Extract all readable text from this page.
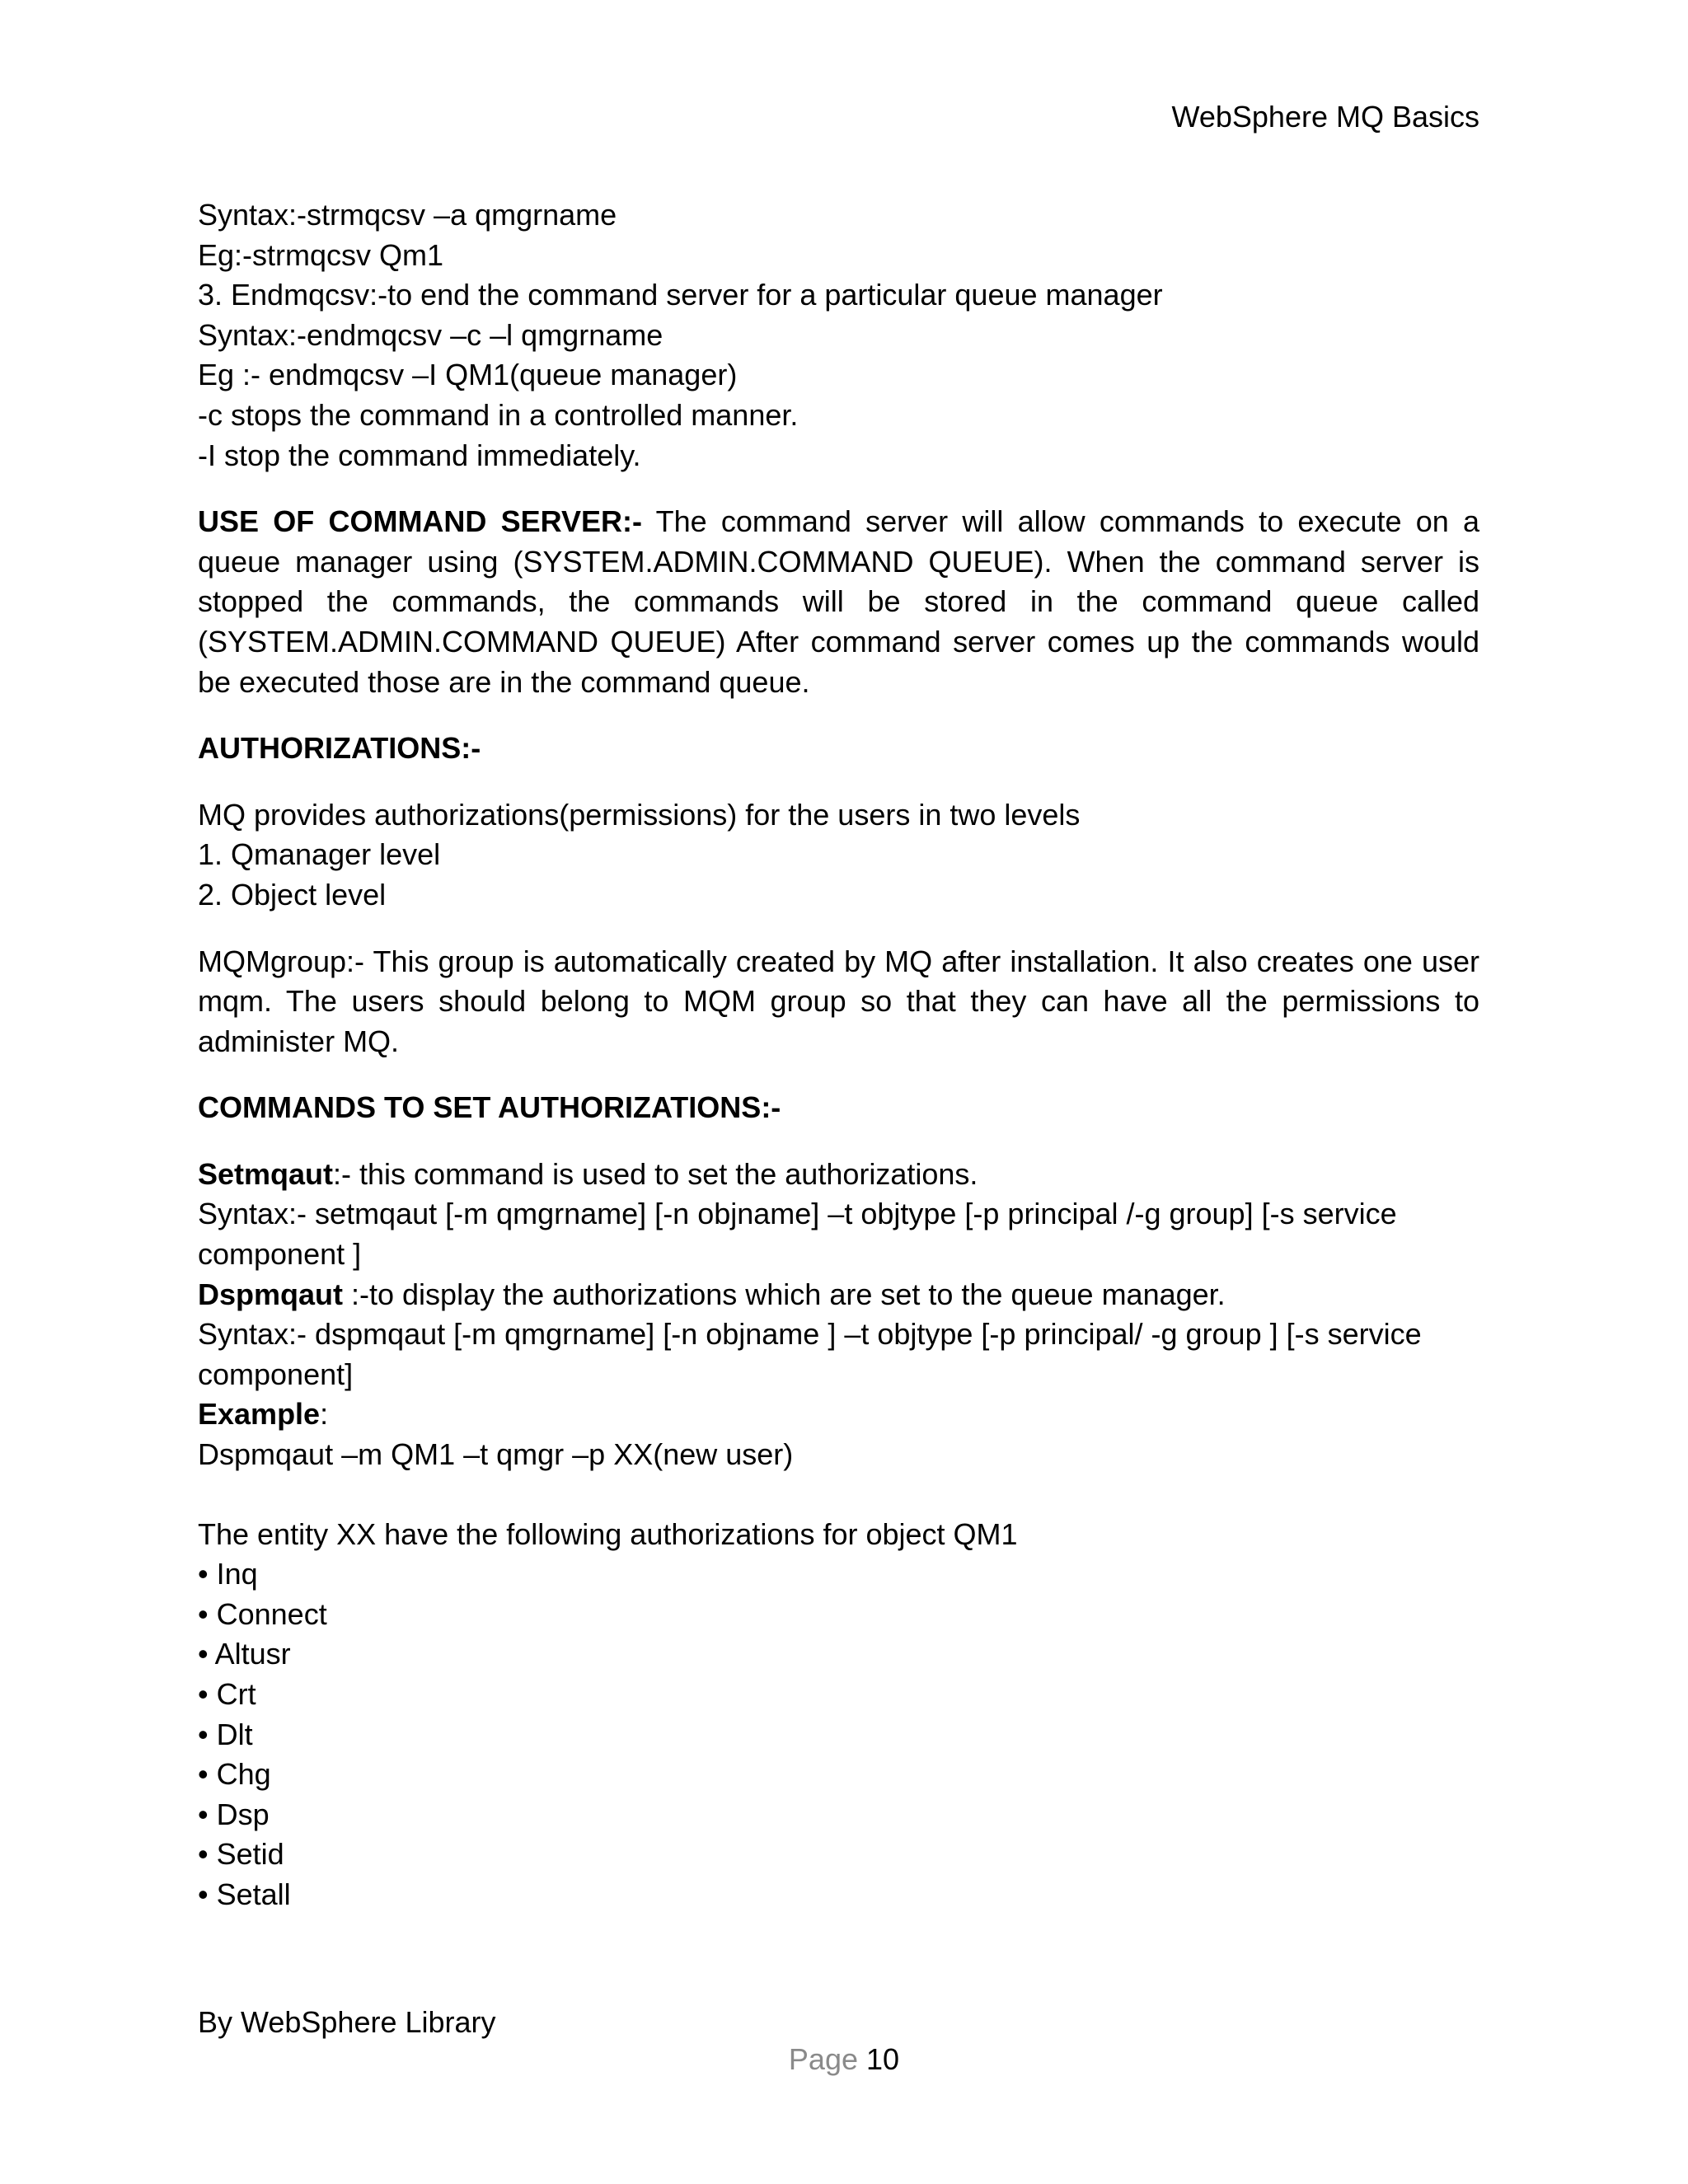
WebSphere MQ Basics
Syntax:-strmqcsv –a qmgrname
Eg:-strmqcsv Qm1
3. Endmqcsv:-to end the command server for a particular queue manager
Syntax:-endmqcsv –c –l qmgrname
Eg :- endmqcsv –I QM1(queue manager)
-c stops the command in a controlled manner.
-I stop the command immediately.

USE OF COMMAND SERVER:- The command server will allow commands to execute on a queue manager using (SYSTEM.ADMIN.COMMAND QUEUE). When the command server is stopped the commands, the commands will be stored in the command queue called (SYSTEM.ADMIN.COMMAND QUEUE) After command server comes up the commands would be executed those are in the command queue.

AUTHORIZATIONS:-
MQ provides authorizations(permissions) for the users in two levels
1. Qmanager level
2. Object level

MQMgroup:- This group is automatically created by MQ after installation. It also creates one user mqm. The users should belong to MQM group so that they can have all the permissions to administer MQ.

COMMANDS TO SET AUTHORIZATIONS:-
Setmqaut:- this command is used to set the authorizations.
Syntax:- setmqaut [-m qmgrname] [-n objname] –t objtype [-p principal /-g group] [-s service component ]
Dspmqaut :-to display the authorizations which are set to the queue manager.
Syntax:- dspmqaut [-m qmgrname] [-n objname ] –t objtype [-p principal/ -g group ] [-s service component]
Example:
Dspmqaut –m QM1 –t qmgr –p XX(new user)
The entity XX have the following authorizations for object QM1
• Inq
• Connect
• Altusr
• Crt
• Dlt
• Chg
• Dsp
• Setid
• Setall
By WebSphere Library
Page 10
